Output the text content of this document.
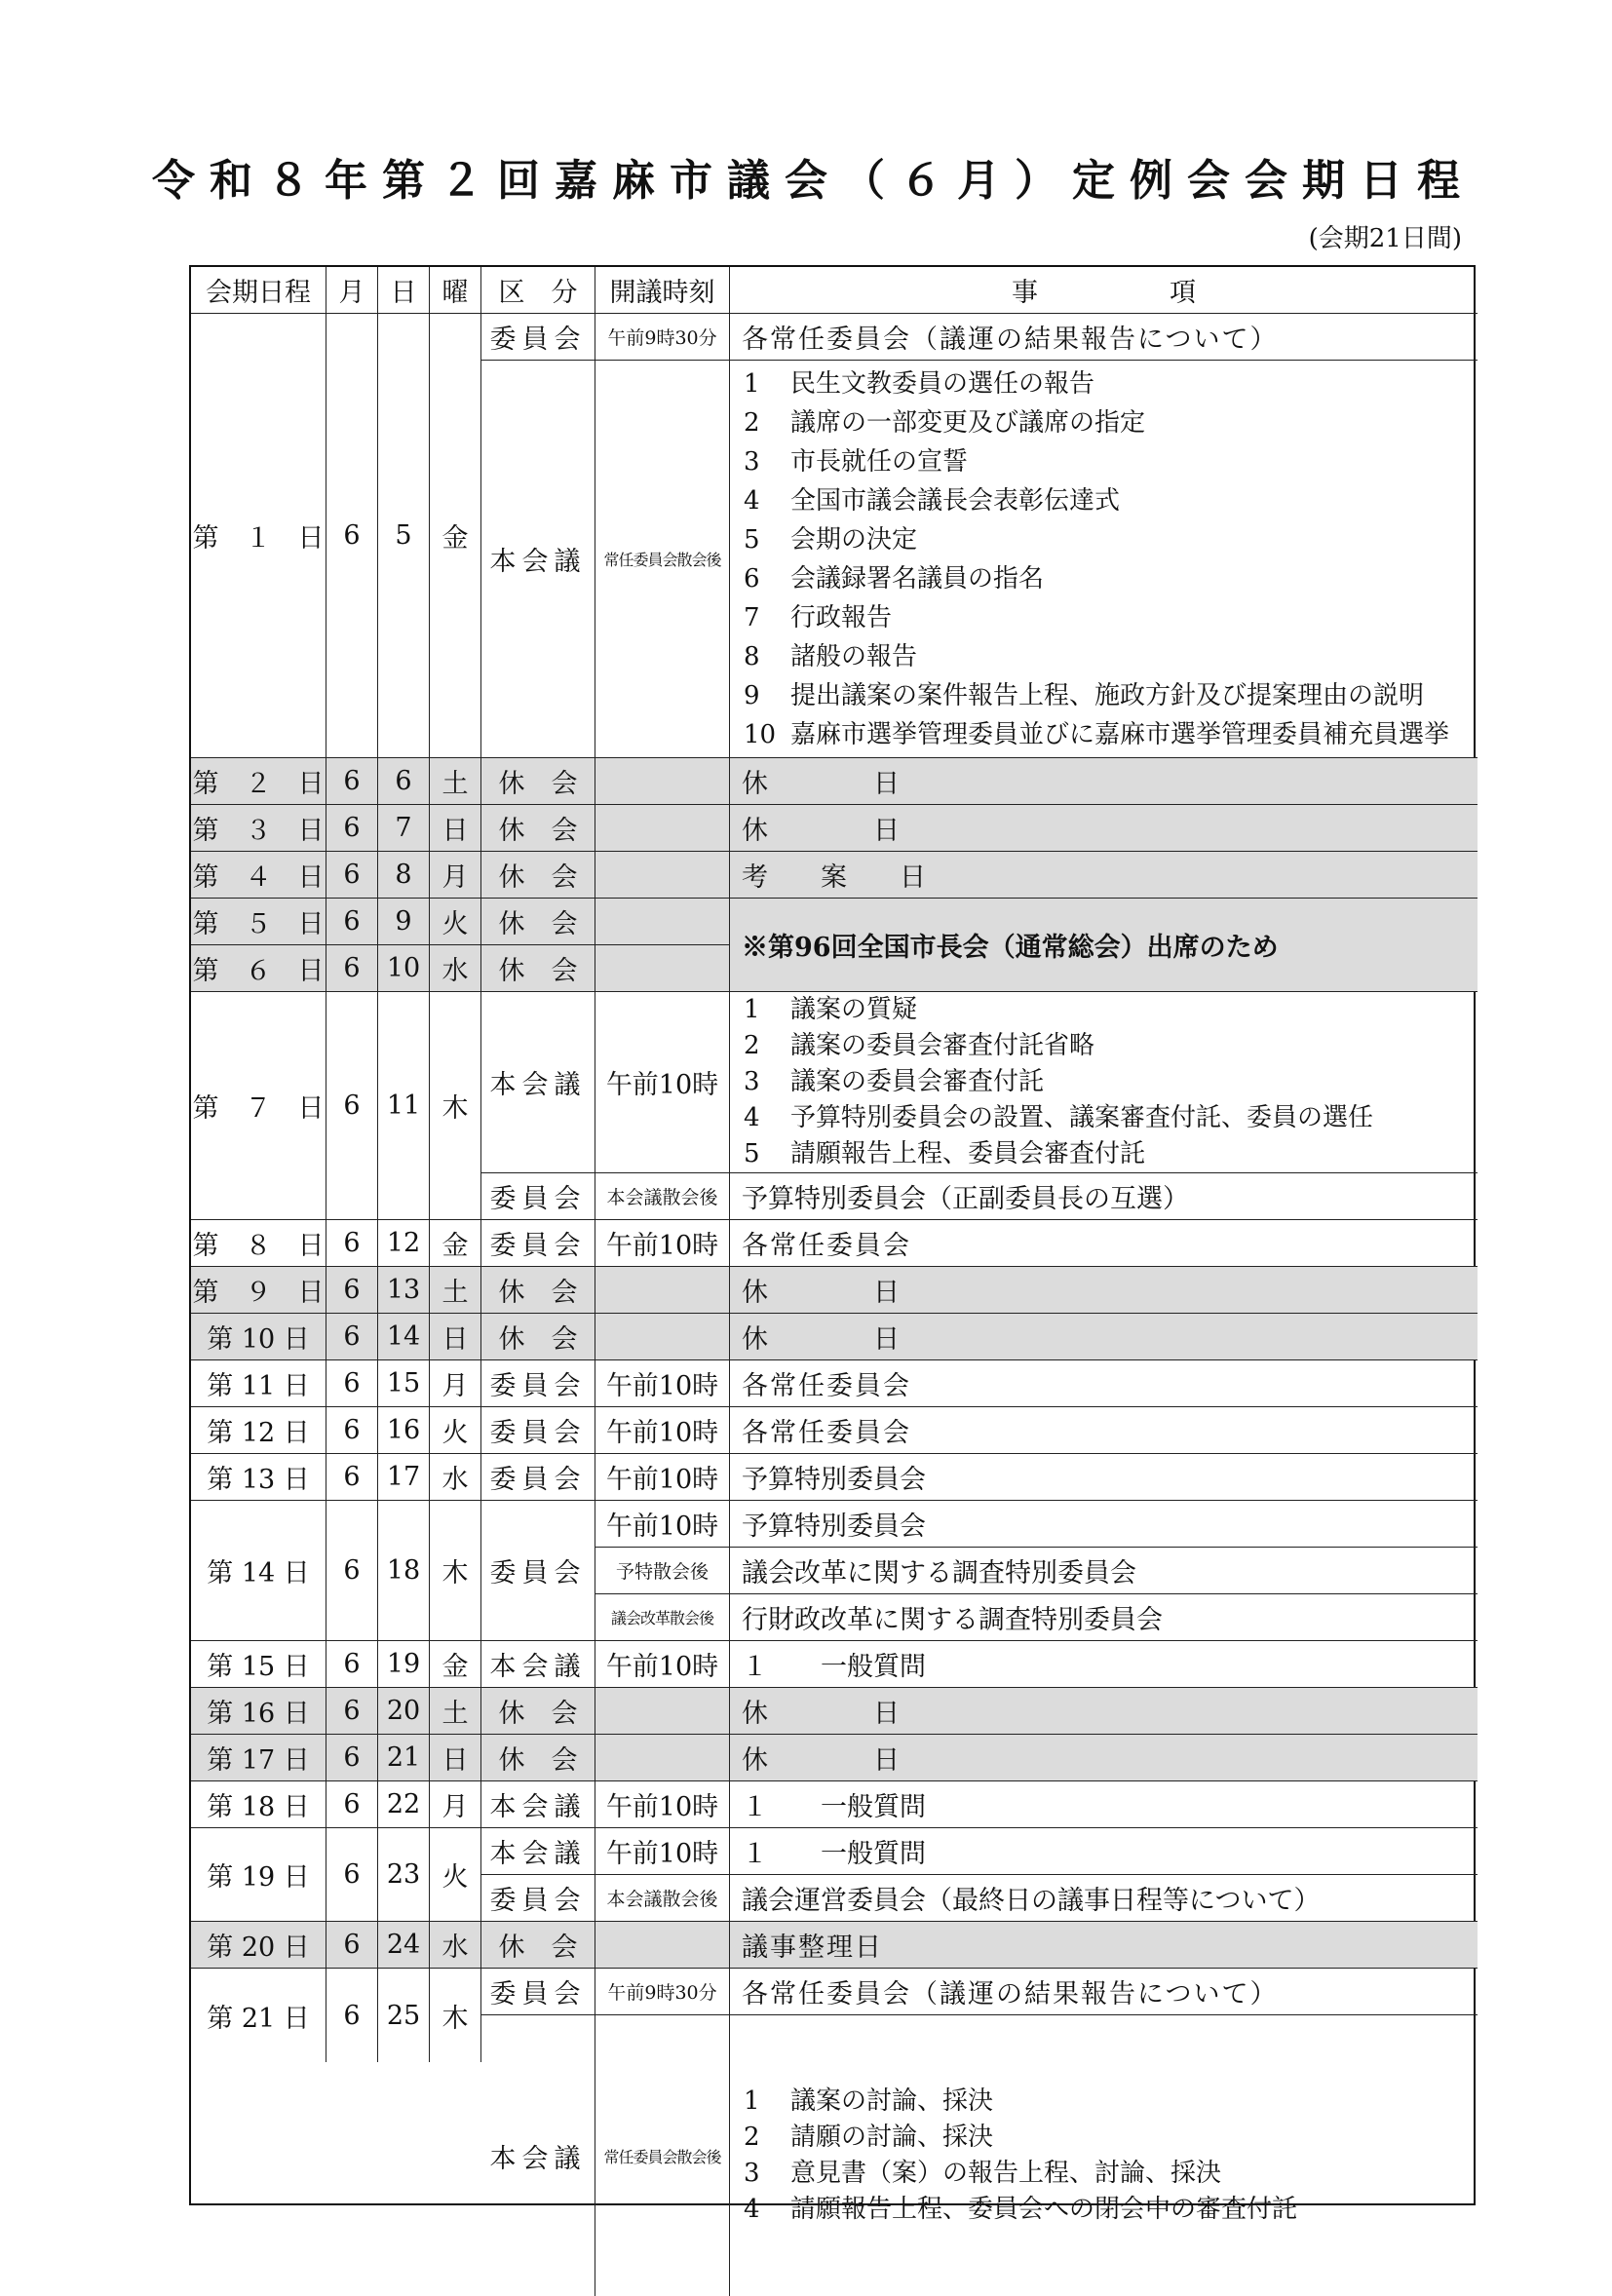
令和８年第２回嘉麻市議会（６月）定例会会期日程

(会期21日間)

会期日程	月 日 曜	区　分	開議時刻	事　　　　　項
第　１　日 6	5	金
委員会	午前9時30分 各常任委員会（議運の結果報告について）
本会議	常任委員会散会後
1	民生文教委員の選任の報告
2	議席の一部変更及び議席の指定
3	市長就任の宣誓
4	全国市議会議長会表彰伝達式
5	会期の決定
6	会議録署名議員の指名
7	行政報告
8	諸般の報告
9	提出議案の案件報告上程、施政方針及び提案理由の説明
10 嘉麻市選挙管理委員並びに嘉麻市選挙管理委員補充員選挙
第　２　日 6	6	土	休　会	休　　　　日
第　３　日 6	7	日	休　会	休　　　　日
第　４　日 6	8	月	休　会	考　　案　　日
第　５　日 6	9	火	休　会
第　６　日 6	10 水	休　会
※第96回全国市長会（通常総会）出席のため
第　７　日 6	11 木
本会議 午前10時
1	議案の質疑
2	議案の委員会審査付託省略
3	議案の委員会審査付託
4	予算特別委員会の設置、議案審査付託、委員の選任
5	請願報告上程、委員会審査付託
委員会	本会議散会後 予算特別委員会（正副委員長の互選）
第　８　日 6	12 金 委員会 午前10時 各常任委員会
第　９　日 6	13 土	休　会	休　　　　日
第 10 日	6	14 日	休　会	休　　　　日
第 11 日	6	15 月 委員会 午前10時 各常任委員会
第 12 日	6	16 火 委員会 午前10時 各常任委員会
第 13 日	6	17 水 委員会 午前10時 予算特別委員会
第 14 日	6	18 木 委員会
午前10時 予算特別委員会
予特散会後	議会改革に関する調査特別委員会
議会改革散会後	行財政改革に関する調査特別委員会
第 15 日	6	19 金 本会議 午前10時 １　　一般質問
第 16 日	6	20 土	休　会	休　　　　日
第 17 日	6	21 日	休　会	休　　　　日
第 18 日	6	22 月 本会議 午前10時 １　　一般質問
第 19 日	6	23 火
本会議 午前10時 １　　一般質問
委員会	本会議散会後 議会運営委員会（最終日の議事日程等について）
第 20 日	6	24 水	休　会	議事整理日
第 21 日	6	25 木
委員会	午前9時30分 各常任委員会（議運の結果報告について）
本会議	常任委員会散会後
1	議案の討論、採決
2	請願の討論、採決
3	意見書（案）の報告上程、討論、採決
4	請願報告上程、委員会への閉会中の審査付託
